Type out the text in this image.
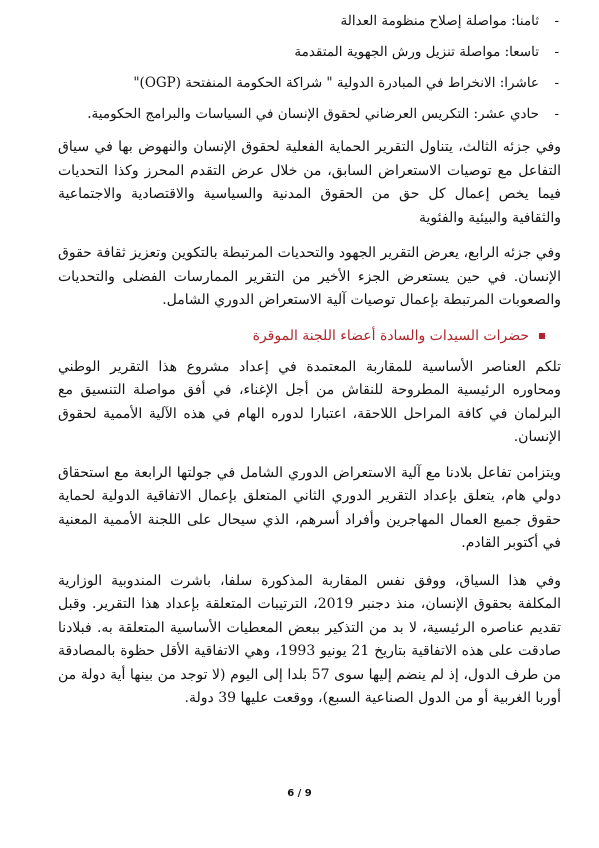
-
ثامنا: مواصلة إصلاح منظومة العدالة
-
تاسعا: مواصلة تنزيل ورش الجهوية المتقدمة
-
عاشرا: الانخراط في المبادرة الدولية " شراكة الحكومة المنفتحة (OGP)"
-
حادي عشر: التكريس العرضاني لحقوق الإنسان في السياسات والبرامج الحكومية.

وفي جزئه الثالث، يتناول التقرير الحماية الفعلية لحقوق الإنسان والنهوض بها في سياق التفاعل مع توصيات الاستعراض السابق، من خلال عرض التقدم المحرز وكذا التحديات فيما يخص إعمال كل حق من الحقوق المدنية والسياسية والاقتصادية والاجتماعية والثقافية والبيئية والفئوية

وفي جزئه الرابع، يعرض التقرير الجهود والتحديات المرتبطة بالتكوين وتعزيز ثقافة حقوق الإنسان. في حين يستعرض الجزء الأخير من التقرير الممارسات الفضلى والتحديات والصعوبات المرتبطة بإعمال توصيات آلية الاستعراض الدوري الشامل.

حضرات السيدات والسادة أعضاء اللجنة الموقرة

تلكم العناصر الأساسية للمقاربة المعتمدة في إعداد مشروع هذا التقرير الوطني ومحاوره الرئيسية المطروحة للنقاش من أجل الإغناء، في أفق مواصلة التنسيق مع البرلمان في كافة المراحل اللاحقة، اعتبارا لدوره الهام في هذه الآلية الأممية لحقوق الإنسان.

ويتزامن تفاعل بلادنا مع آلية الاستعراض الدوري الشامل في جولتها الرابعة مع استحقاق دولي هام، يتعلق بإعداد التقرير الدوري الثاني المتعلق بإعمال الاتفاقية الدولية لحماية حقوق جميع العمال المهاجرين وأفراد أسرهم، الذي سيحال على اللجنة الأممية المعنية في أكتوبر القادم.

وفي هذا السياق، ووفق نفس المقاربة المذكورة سلفا، باشرت المندوبية الوزارية المكلفة بحقوق الإنسان، منذ دجنبر 2019، الترتيبات المتعلقة بإعداد هذا التقرير. وقبل تقديم عناصره الرئيسية، لا بد من التذكير ببعض المعطيات الأساسية المتعلقة به. فبلادنا صادقت على هذه الاتفاقية بتاريخ 21 يونيو 1993، وهي الاتفاقية الأقل حظوة بالمصادقة من طرف الدول، إذ لم ينضم إليها سوى 57 بلدا إلى اليوم (لا توجد من بينها أية دولة من أوربا الغربية أو من الدول الصناعية السبع)، ووقعت عليها 39 دولة.

6 / 9
